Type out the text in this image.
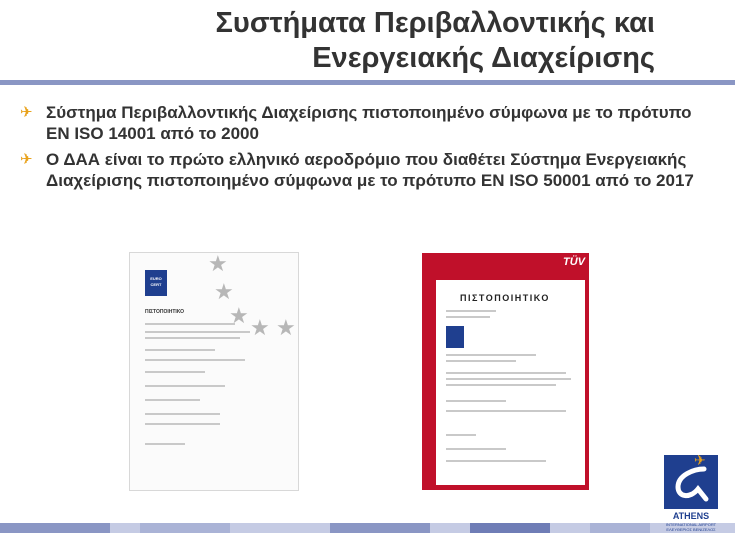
Συστήματα Περιβαλλοντικής και
Ενεργειακής Διαχείρισης
✈ Σύστημα Περιβαλλοντικής Διαχείρισης πιστοποιημένο σύμφωνα με το πρότυπο EN ISO 14001 από το 2000
✈ Ο ΔΑΑ είναι το πρώτο ελληνικό αεροδρόμιο που διαθέτει Σύστημα Ενεργειακής Διαχείρισης πιστοποιημένο σύμφωνα με το πρότυπο EN ISO 50001 από το 2017
EURO
CERT
ΠΙΣΤΟΠΟΙΗΤΙΚΟ
★
★
★ ★ ★
TÜV
ΠΙΣΤΟΠΟΙΗΤΙΚΟ
✈
ATHENS
INTERNATIONAL AIRPORT
ΕΛΕΥΘΕΡΙΟΣ ΒΕΝΙΖΕΛΟΣ
